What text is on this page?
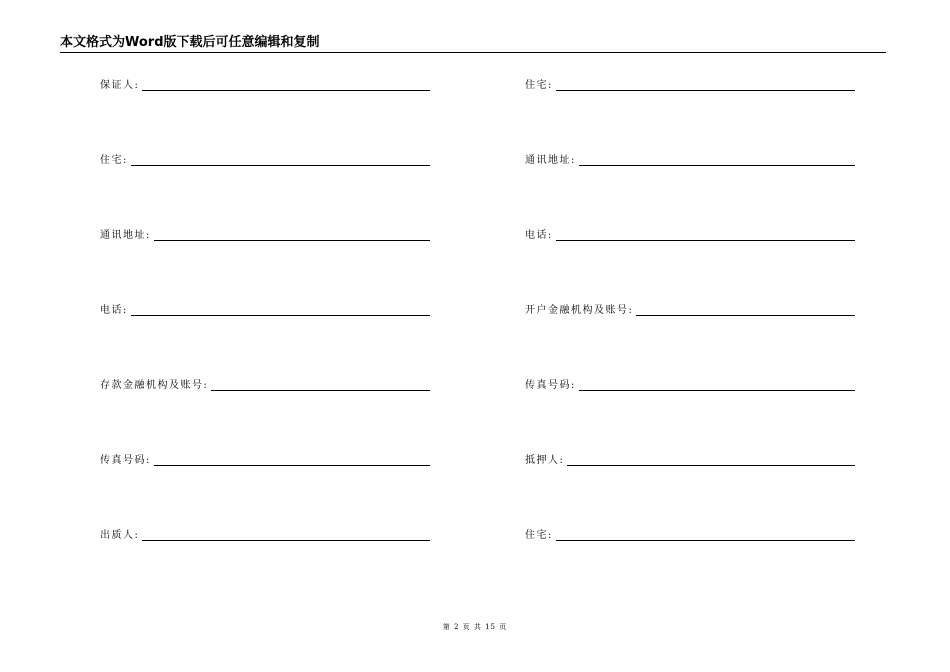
本文格式为Word版下载后可任意编辑和复制
保证人:
住宅:
通讯地址:
电话:
存款金融机构及账号:
传真号码:
出质人:
住宅:
通讯地址:
电话:
开户金融机构及账号:
传真号码:
抵押人:
住宅:
第 2 页 共 15 页
